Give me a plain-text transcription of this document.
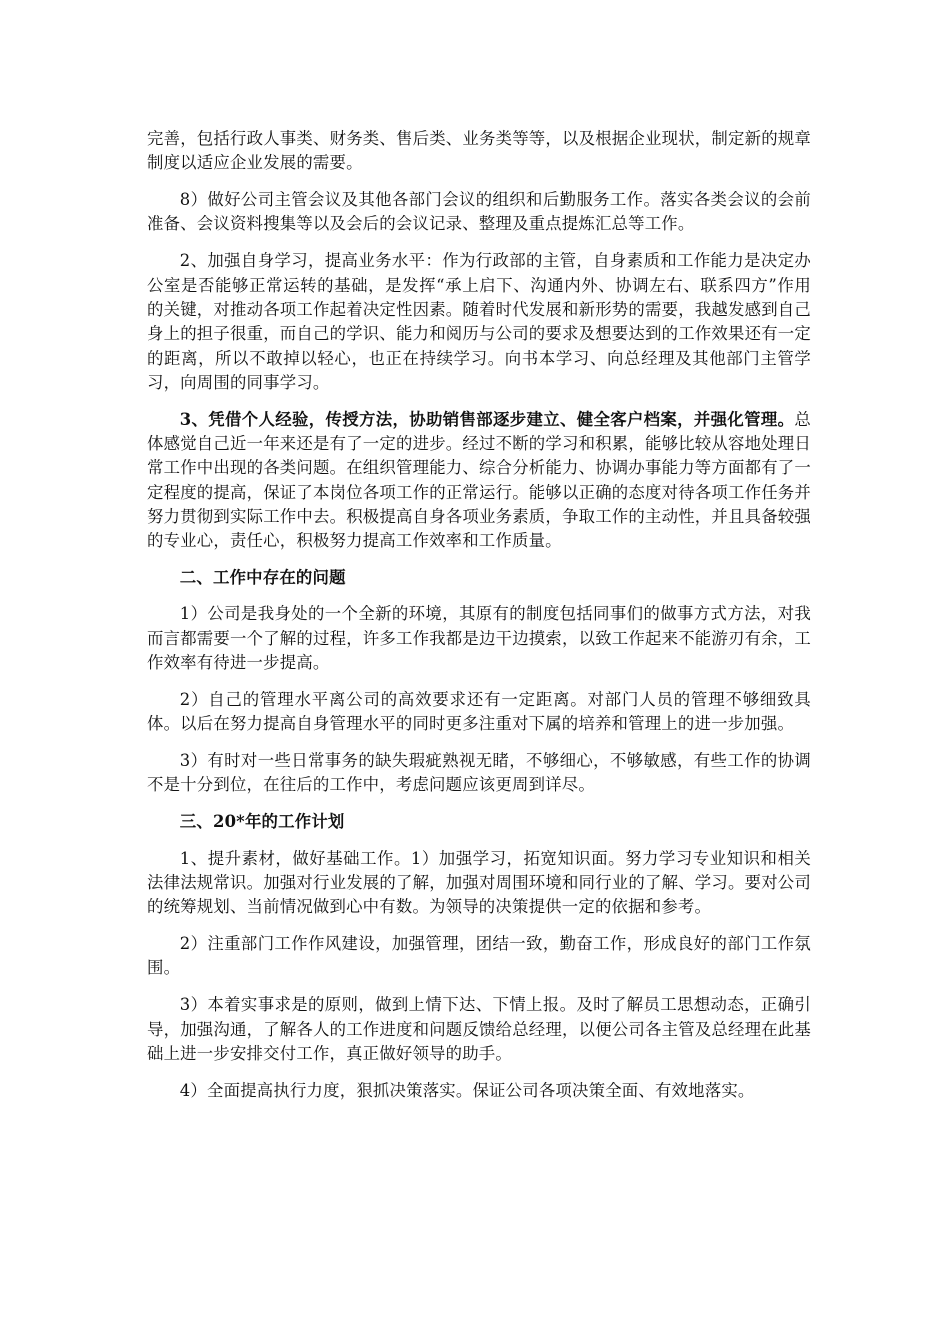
完善，包括行政人事类、财务类、售后类、业务类等等，以及根据企业现状，制定新的规章制度以适应企业发展的需要。

8）做好公司主管会议及其他各部门会议的组织和后勤服务工作。落实各类会议的会前准备、会议资料搜集等以及会后的会议记录、整理及重点提炼汇总等工作。

2、加强自身学习，提高业务水平：作为行政部的主管，自身素质和工作能力是决定办公室是否能够正常运转的基础，是发挥“承上启下、沟通内外、协调左右、联系四方”作用的关键，对推动各项工作起着决定性因素。随着时代发展和新形势的需要，我越发感到自己身上的担子很重，而自己的学识、能力和阅历与公司的要求及想要达到的工作效果还有一定的距离，所以不敢掉以轻心，也正在持续学习。向书本学习、向总经理及其他部门主管学习，向周围的同事学习。

3、凭借个人经验，传授方法，协助销售部逐步建立、健全客户档案，并强化管理。总体感觉自己近一年来还是有了一定的进步。经过不断的学习和积累，能够比较从容地处理日常工作中出现的各类问题。在组织管理能力、综合分析能力、协调办事能力等方面都有了一定程度的提高，保证了本岗位各项工作的正常运行。能够以正确的态度对待各项工作任务并努力贯彻到实际工作中去。积极提高自身各项业务素质，争取工作的主动性，并且具备较强的专业心，责任心，积极努力提高工作效率和工作质量。

二、工作中存在的问题

1）公司是我身处的一个全新的环境，其原有的制度包括同事们的做事方式方法，对我而言都需要一个了解的过程，许多工作我都是边干边摸索，以致工作起来不能游刃有余，工作效率有待进一步提高。

2）自己的管理水平离公司的高效要求还有一定距离。对部门人员的管理不够细致具体。以后在努力提高自身管理水平的同时更多注重对下属的培养和管理上的进一步加强。

3）有时对一些日常事务的缺失瑕疵熟视无睹，不够细心，不够敏感，有些工作的协调不是十分到位，在往后的工作中，考虑问题应该更周到详尽。

三、20*年的工作计划

1、提升素材，做好基础工作。1）加强学习，拓宽知识面。努力学习专业知识和相关法律法规常识。加强对行业发展的了解，加强对周围环境和同行业的了解、学习。要对公司的统筹规划、当前情况做到心中有数。为领导的决策提供一定的依据和参考。

2）注重部门工作作风建设，加强管理，团结一致，勤奋工作，形成良好的部门工作氛围。

3）本着实事求是的原则，做到上情下达、下情上报。及时了解员工思想动态，正确引导，加强沟通，了解各人的工作进度和问题反馈给总经理，以便公司各主管及总经理在此基础上进一步安排交付工作，真正做好领导的助手。

4）全面提高执行力度，狠抓决策落实。保证公司各项决策全面、有效地落实。
